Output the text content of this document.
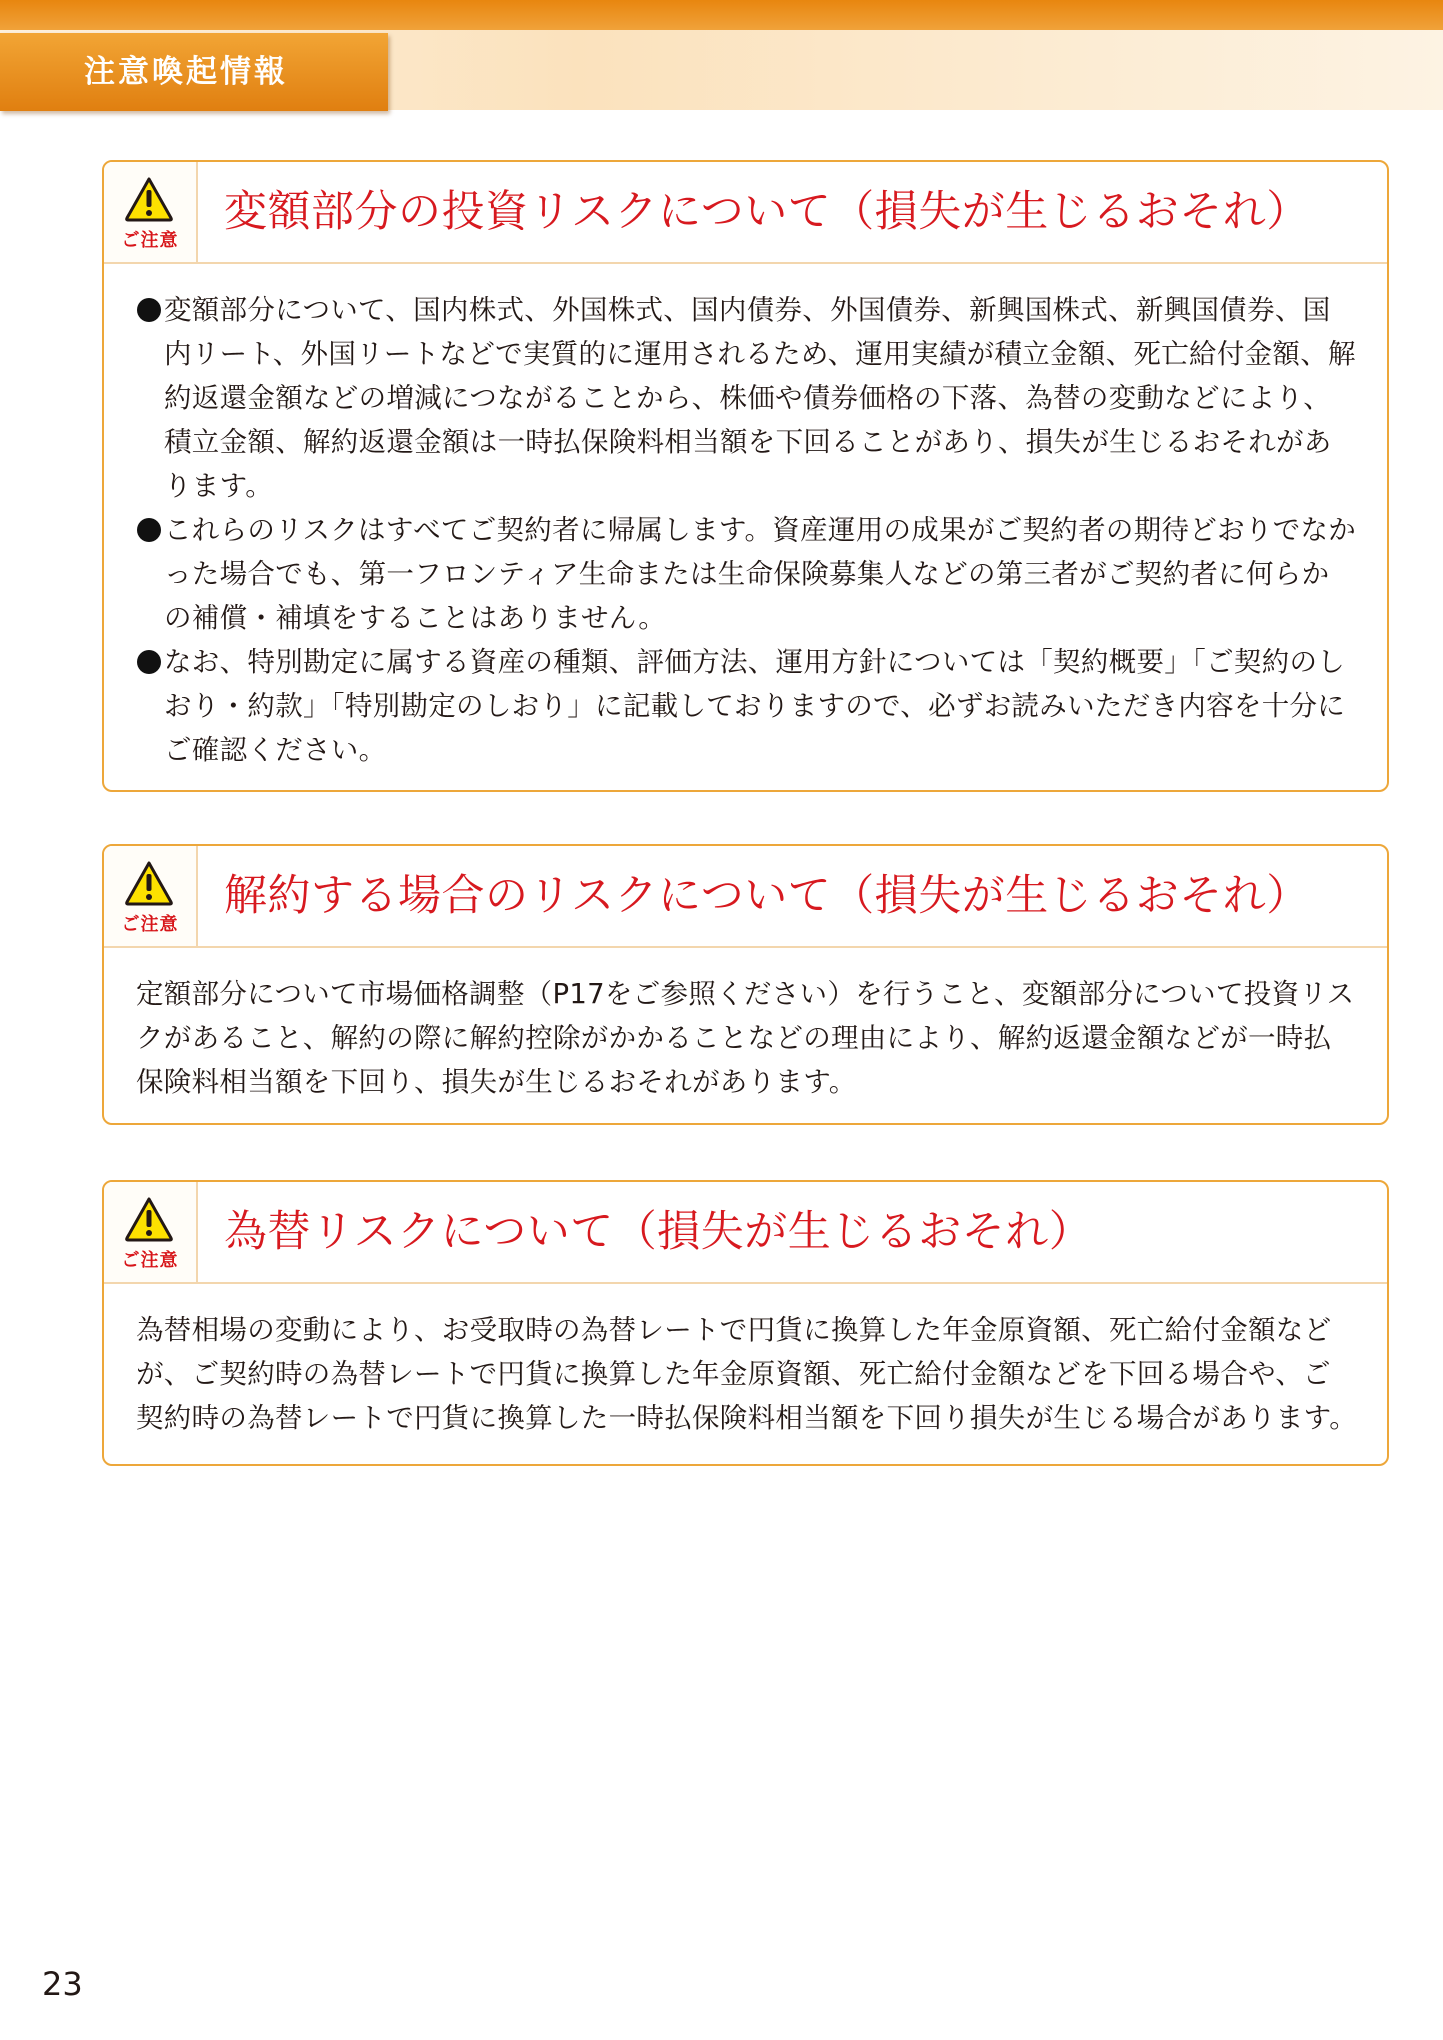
注意喚起情報
ご注意
変額部分の投資リスクについて（損失が生じるおそれ）
変額部分について、国内株式、外国株式、国内債券、外国債券、新興国株式、新興国債券、国内リート、外国リートなどで実質的に運用されるため、運用実績が積立金額、死亡給付金額、解約返還金額などの増減につながることから、株価や債券価格の下落、為替の変動などにより、積立金額、解約返還金額は一時払保険料相当額を下回ることがあり、損失が生じるおそれがあります。
これらのリスクはすべてご契約者に帰属します。資産運用の成果がご契約者の期待どおりでなかった場合でも、第一フロンティア生命または生命保険募集人などの第三者がご契約者に何らかの補償・補填をすることはありません。
なお、特別勘定に属する資産の種類、評価方法、運用方針については「契約概要」「ご契約のしおり・約款」「特別勘定のしおり」に記載しておりますので、必ずお読みいただき内容を十分にご確認ください。
ご注意
解約する場合のリスクについて（損失が生じるおそれ）

定額部分について市場価格調整（P17をご参照ください）を行うこと、変額部分について投資リスクがあること、解約の際に解約控除がかかることなどの理由により、解約返還金額などが一時払保険料相当額を下回り、損失が生じるおそれがあります。

ご注意
為替リスクについて（損失が生じるおそれ）

為替相場の変動により、お受取時の為替レートで円貨に換算した年金原資額、死亡給付金額などが、ご契約時の為替レートで円貨に換算した年金原資額、死亡給付金額などを下回る場合や、ご契約時の為替レートで円貨に換算した一時払保険料相当額を下回り損失が生じる場合があります。

23
